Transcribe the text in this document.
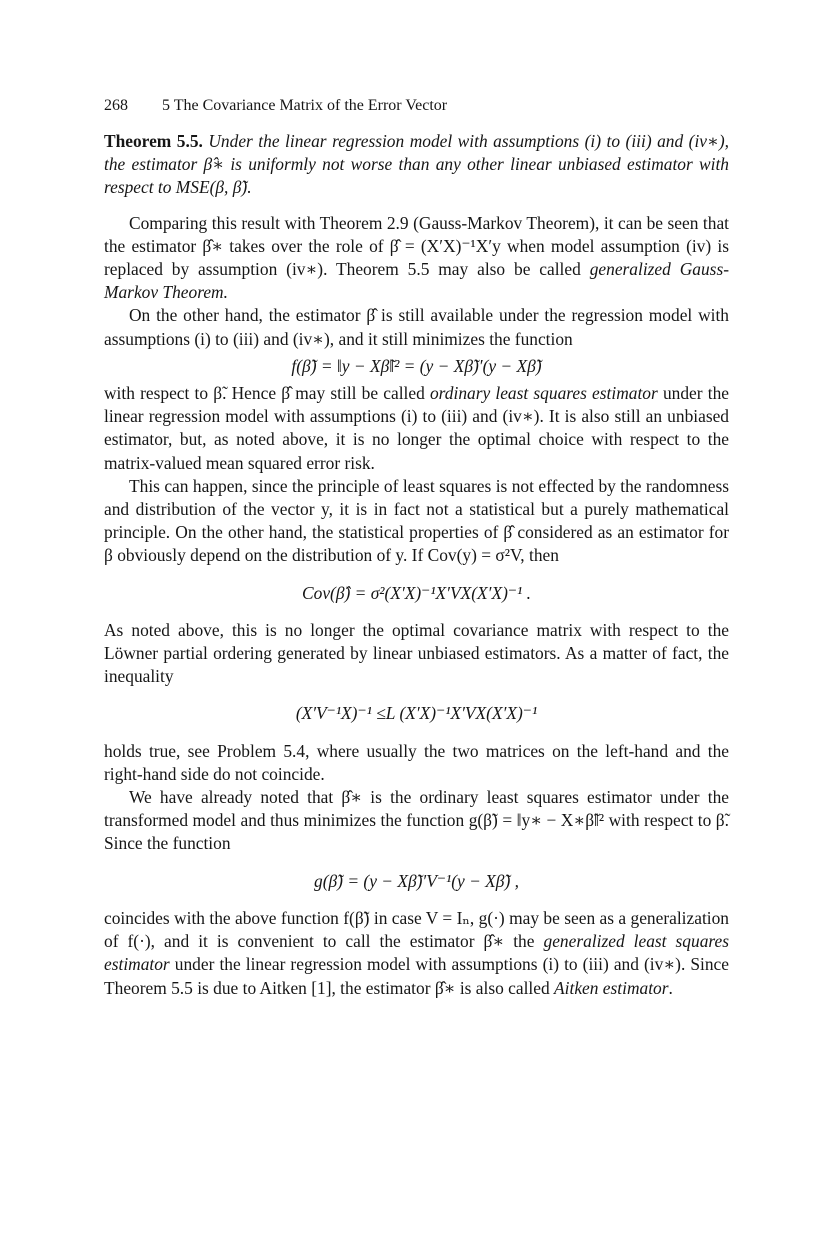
268 5 The Covariance Matrix of the Error Vector

Theorem 5.5. Under the linear regression model with assumptions (i) to (iii) and (iv∗), the estimator β̂∗ is uniformly not worse than any other linear unbiased estimator with respect to MSE(β, β̃).

Comparing this result with Theorem 2.9 (Gauss-Markov Theorem), it can be seen that the estimator β̂∗ takes over the role of β̂ = (X′X)⁻¹X′y when model assumption (iv) is replaced by assumption (iv∗). Theorem 5.5 may also be called generalized Gauss-Markov Theorem.

On the other hand, the estimator β̂ is still available under the regression model with assumptions (i) to (iii) and (iv∗), and it still minimizes the function

f(β̃) = ‖y − Xβ̃‖² = (y − Xβ̃)′(y − Xβ̃)

with respect to β̃. Hence β̂ may still be called ordinary least squares estimator under the linear regression model with assumptions (i) to (iii) and (iv∗). It is also still an unbiased estimator, but, as noted above, it is no longer the optimal choice with respect to the matrix-valued mean squared error risk.

This can happen, since the principle of least squares is not effected by the randomness and distribution of the vector y, it is in fact not a statistical but a purely mathematical principle. On the other hand, the statistical properties of β̂ considered as an estimator for β obviously depend on the distribution of y. If Cov(y) = σ²V, then

Cov(β̂) = σ²(X′X)⁻¹X′VX(X′X)⁻¹ .

As noted above, this is no longer the optimal covariance matrix with respect to the Löwner partial ordering generated by linear unbiased estimators. As a matter of fact, the inequality

(X′V⁻¹X)⁻¹ ≤L (X′X)⁻¹X′VX(X′X)⁻¹

holds true, see Problem 5.4, where usually the two matrices on the left-hand and the right-hand side do not coincide.

We have already noted that β̂∗ is the ordinary least squares estimator under the transformed model and thus minimizes the function g(β̃) = ‖y∗ − X∗β̃‖² with respect to β̃. Since the function

g(β̃) = (y − Xβ̃)′V⁻¹(y − Xβ̃) ,

coincides with the above function f(β̃) in case V = Iₙ, g(·) may be seen as a generalization of f(·), and it is convenient to call the estimator β̂∗ the generalized least squares estimator under the linear regression model with assumptions (i) to (iii) and (iv∗). Since Theorem 5.5 is due to Aitken [1], the estimator β̂∗ is also called Aitken estimator.
